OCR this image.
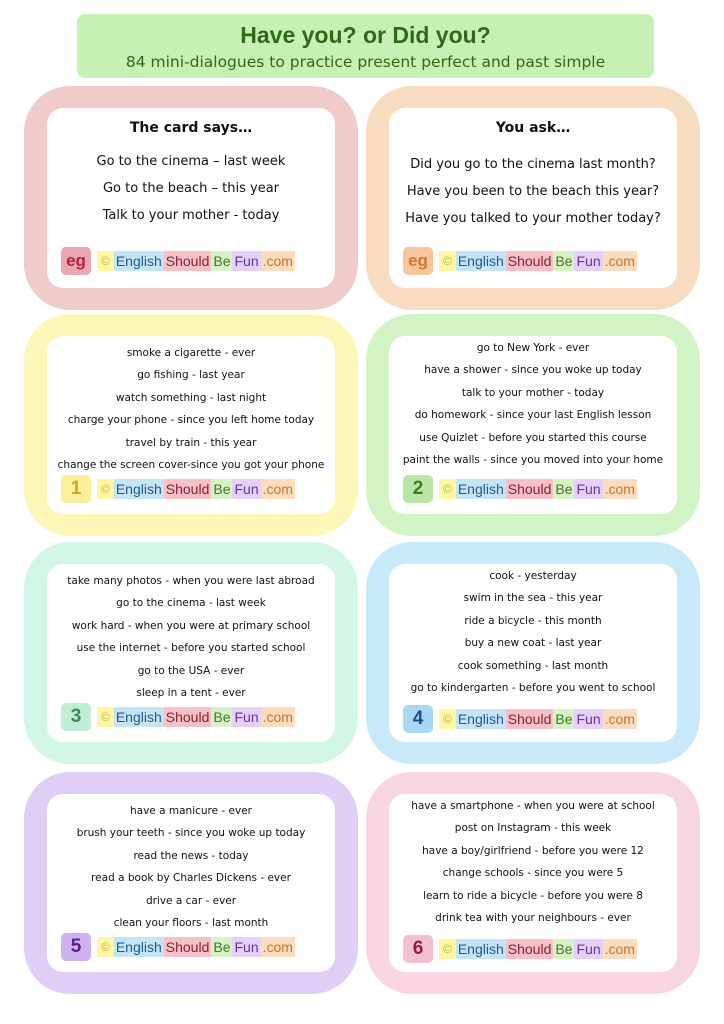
Have you? or Did you?
84 mini-dialogues to practice present perfect and past simple
The card says…
Go to the cinema – last week
Go to the beach – this year
Talk to your mother - today
eg	© English Should Be Fun .com
You ask…
Did you go to the cinema last month?
Have you been to the beach this year?
Have you talked to your mother today?
eg	© English Should Be Fun .com
smoke a cigarette - ever
go fishing - last year
watch something - last night
charge your phone - since you left home today
travel by train - this year
change the screen cover-since you got your phone
1	© English Should Be Fun .com
go to New York - ever
have a shower - since you woke up today
talk to your mother - today
do homework - since your last English lesson
use Quizlet - before you started this course
paint the walls - since you moved into your home
2	© English Should Be Fun .com
take many photos - when you were last abroad
go to the cinema - last week
work hard - when you were at primary school
use the internet - before you started school
go to the USA - ever
sleep in a tent - ever
3	© English Should Be Fun .com
cook - yesterday
swim in the sea - this year
ride a bicycle - this month
buy a new coat - last year
cook something - last month
go to kindergarten - before you went to school
4	© English Should Be Fun .com
have a manicure - ever
brush your teeth - since you woke up today
read the news - today
read a book by Charles Dickens - ever
drive a car - ever
clean your floors - last month
5	© English Should Be Fun .com
have a smartphone - when you were at school
post on Instagram - this week
have a boy/girlfriend - before you were 12
change schools - since you were 5
learn to ride a bicycle - before you were 8
drink tea with your neighbours - ever
6	© English Should Be Fun .com
